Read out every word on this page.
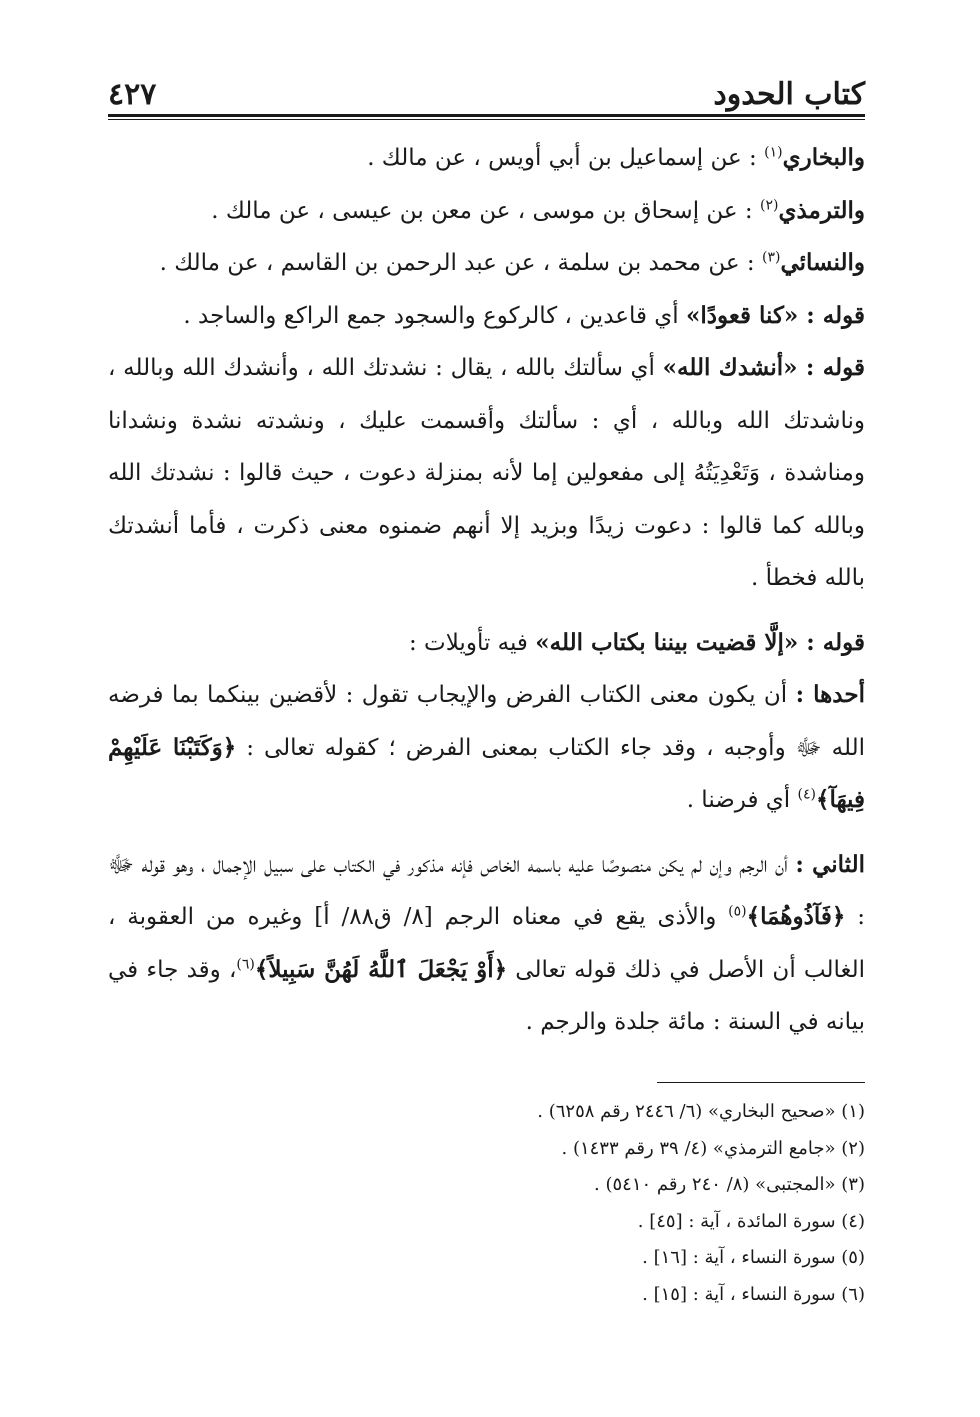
كتاب الحدود
٤٢٧

والبخاري$^{(١)}$ : عن إسماعيل بن أبي أويس ، عن مالك .

والترمذي$^{(٢)}$ : عن إسحاق بن موسى ، عن معن بن عيسى ، عن مالك .

والنسائي$^{(٣)}$ : عن محمد بن سلمة ، عن عبد الرحمن بن القاسم ، عن مالك .

قوله : «كنا قعودًا» أي قاعدين ، كالركوع والسجود جمع الراكع والساجد .

قوله : «أنشدك الله» أي سألتك بالله ، يقال : نشدتك الله ، وأنشدك الله وبالله ، وناشدتك الله وبالله ، أي : سألتك وأقسمت عليك ، ونشدته نشدة ونشدانا ومناشدة ، وَتَعْدِيَتُهُ إلى مفعولين إما لأنه بمنزلة دعوت ، حيث قالوا : نشدتك الله وبالله كما قالوا : دعوت زيدًا وبزيد إلا أنهم ضمنوه معنى ذكرت ، فأما أنشدتك بالله فخطأ .

قوله : «إلَّا قضيت بيننا بكتاب الله» فيه تأويلات :

أحدها : أن يكون معنى الكتاب الفرض والإيجاب تقول : لأقضين بينكما بما فرضه الله ﷻ وأوجبه ، وقد جاء الكتاب بمعنى الفرض ؛ كقوله تعالى : ﴿وَكَتَبْنَا عَلَيْهِمْ فِيهَآ﴾$^{(٤)}$ أي فرضنا .

الثاني : أن الرجم وإن لم يكن منصوصًا عليه باسمه الخاص فإنه مذكور في الكتاب على سبيل الإجمال ، وهو قوله ﷻ : ﴿فَآذُوهُمَا﴾$^{(٥)}$ والأذى يقع في معناه الرجم [٨/ ق٨٨/ أ] وغيره من العقوبة ، الغالب أن الأصل في ذلك قوله تعالى ﴿أَوْ يَجْعَلَ ٱللَّهُ لَهُنَّ سَبِيلاً﴾$^{(٦)}$، وقد جاء في بيانه في السنة : مائة جلدة والرجم .

(١) «صحيح البخاري» (٦/ ٢٤٤٦ رقم ٦٢٥٨) .
(٢) «جامع الترمذي» (٤/ ٣٩ رقم ١٤٣٣) .
(٣) «المجتبى» (٨/ ٢٤٠ رقم ٥٤١٠) .
(٤) سورة المائدة ، آية : [٤٥] .
(٥) سورة النساء ، آية : [١٦] .
(٦) سورة النساء ، آية : [١٥] .
